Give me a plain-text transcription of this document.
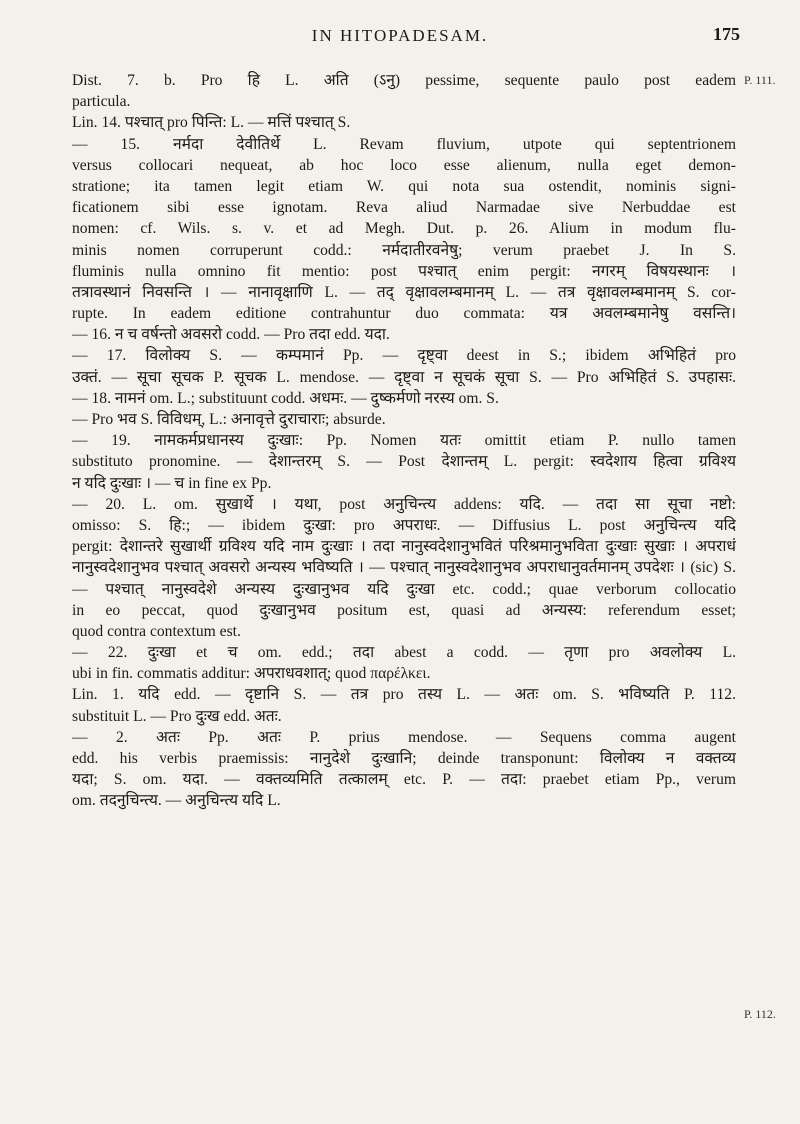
IN HITOPADESAM.	175
Dist. 7. b. Pro हि L. अति (ऽनु) pessime, sequente paulo post eadem
particula.
Lin. 14. पश्चात् pro पिन्ति: L. — मत्तिं पश्चात् S.
— 15. नर्मदा देवीतिर्थे L. Revam fluvium, utpote qui septentrionem
versus collocari nequeat, ab hoc loco esse alienum, nulla eget demon-
stratione; ita tamen legit etiam W. qui nota sua ostendit, nominis signi-
ficationem sibi esse ignotam. Reva aliud Narmadae sive Nerbuddae est
nomen: cf. Wils. s. v. et ad Megh. Dut. p. 26. Alium in modum flu-
minis nomen corruperunt codd.: नर्मदातीरवनेषु; verum praebet J. In S.
fluminis nulla omnino fit mentio: post पश्चात् enim pergit: नगरम् विषयस्थानः ।
तत्रावस्थानं निवसन्ति । — नानावृक्षाणि L. — तद् वृक्षावलम्बमानम् L. — तत्र वृक्षावलम्बमानम् S. cor-
rupte. In eadem editione contrahuntur duo commata: यत्र अवलम्बमानेषु वसन्ति।
— 16. न च वर्षन्तो अवसरो codd. — Pro तदा edd. यदा.
— 17. विलोक्य S. — कम्पमानं Pp. — दृष्ट्वा deest in S.; ibidem अभिहितं pro
उक्तं. — सूचा सूचक P. सूचक L. mendose. — दृष्ट्वा न सूचकं सूचा S. — Pro अभिहितं S. उपहासः.
— 18. नामनं om. L.; substituunt codd. अधमः. — दुष्कर्मणो नरस्य om. S.
— Pro भव S. विविधम्, L.: अनावृत्ते दुराचाराः; absurde.
— 19. नामकर्मप्रधानस्य दुःखाः: Pp. Nomen यतः omittit etiam P. nullo tamen
substituto pronomine. — देशान्तरम् S. — Post देशान्तम् L. pergit: स्वदेशाय हित्वा ग्रविश्य
न यदि दुःखाः । — च in fine ex Pp.
— 20. L. om. सुखार्थे । यथा, post अनुचिन्त्य addens: यदि. — तदा सा सूचा नष्टो:
omisso: S. हि:; — ibidem दुःखा: pro अपराधः. — Diffusius L. post अनुचिन्त्य यदि
pergit: देशान्तरे सुखार्थी ग्रविश्य यदि नाम दुःखाः । तदा नानुस्वदेशानुभवितं परिश्रमानुभविता दुःखाः सुखाः । अपराधं
नानुस्वदेशानुभव पश्चात् अवसरो अन्यस्य भविष्यति । — पश्चात् नानुस्वदेशानुभव अपराधानुवर्तमानम् उपदेशः । (sic) S.
— पश्चात् नानुस्वदेशे अन्यस्य दुःखानुभव यदि दुःखा etc. codd.; quae verborum collocatio
in eo peccat, quod दुःखानुभव positum est, quasi ad अन्यस्य: referendum esset;
quod contra contextum est.
— 22. दुःखा et च om. edd.; तदा abest a codd. — तृणा pro अवलोक्य L.
ubi in fin. commatis additur: अपराधवशात्; quod παρέλκει.
Lin. 1. यदि edd. — दृष्टानि S. — तत्र pro तस्य L. — अतः om. S. भविष्यति P. 112.
substituit L. — Pro दुःख edd. अतः.
— 2. अतः Pp. अतः P. prius mendose. — Sequens comma augent
edd. his verbis praemissis: नानुदेशे दुःखानि; deinde transponunt: विलोक्य न वक्तव्य
यदा; S. om. यदा. — वक्तव्यमिति तत्कालम् etc. P. — तदा: praebet etiam Pp., verum
om. तदनुचिन्त्य. — अनुचिन्त्य यदि L.
P. 111.
P. 112.
